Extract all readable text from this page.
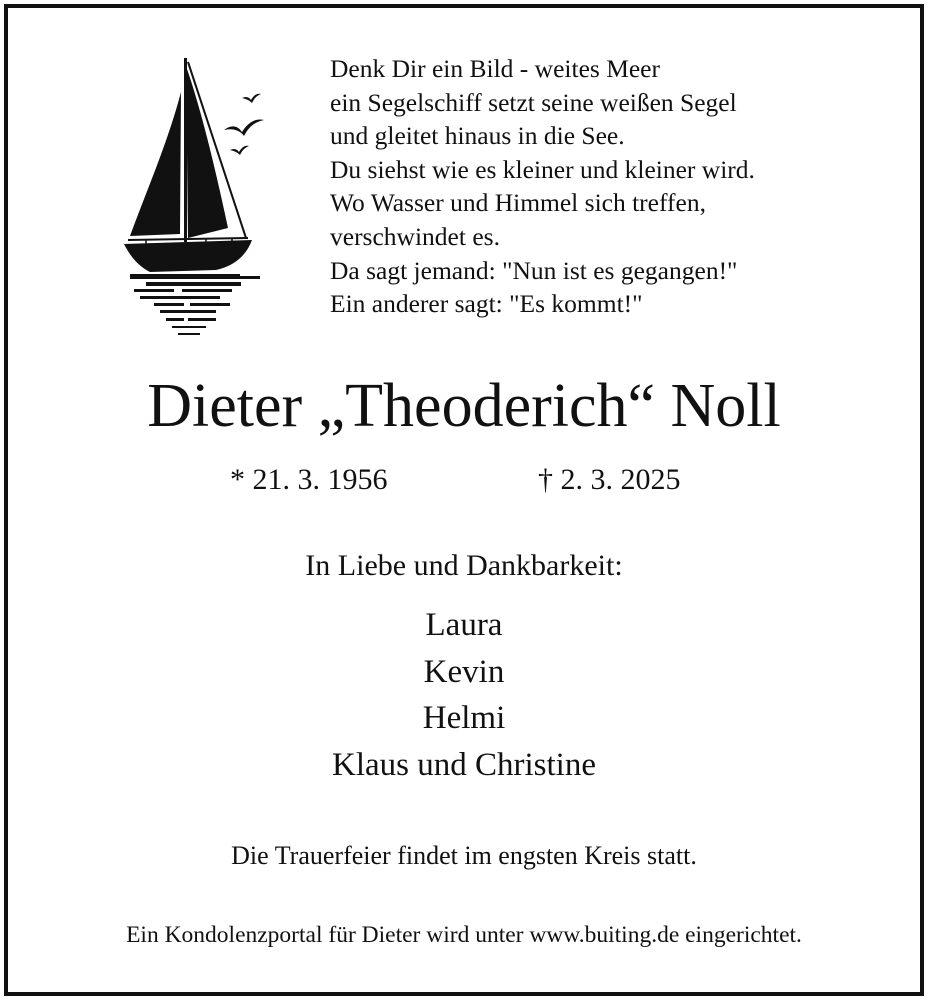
Denk Dir ein Bild - weites Meer
ein Segelschiff setzt seine weißen Segel
und gleitet hinaus in die See.
Du siehst wie es kleiner und kleiner wird.
Wo Wasser und Himmel sich treffen,
verschwindet es.
Da sagt jemand: "Nun ist es gegangen!"
Ein anderer sagt: "Es kommt!"
Dieter „Theoderich“ Noll
* 21. 3. 1956	† 2. 3. 2025
In Liebe und Dankbarkeit:
Laura
Kevin
Helmi
Klaus und Christine
Die Trauerfeier findet im engsten Kreis statt.
Ein Kondolenzportal für Dieter wird unter www.buiting.de eingerichtet.
